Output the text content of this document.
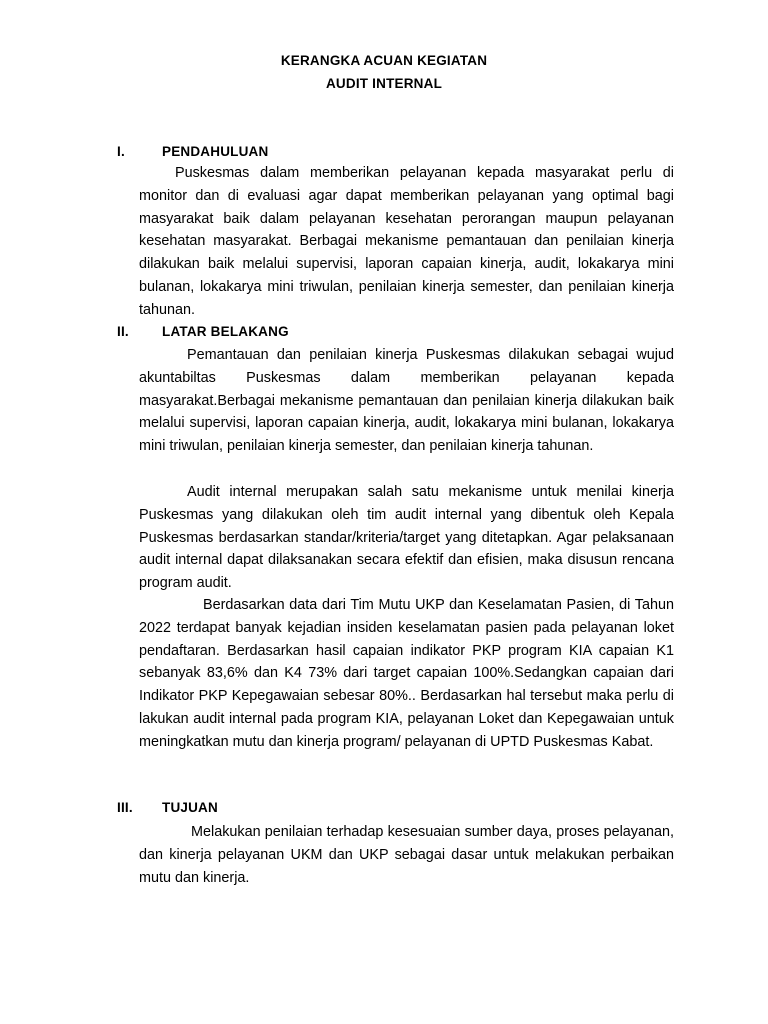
KERANGKA ACUAN KEGIATAN
AUDIT INTERNAL
I.	PENDAHULUAN

Puskesmas dalam memberikan pelayanan kepada masyarakat perlu di monitor dan di evaluasi agar dapat memberikan pelayanan yang optimal bagi masyarakat baik dalam pelayanan kesehatan perorangan maupun pelayanan kesehatan masyarakat. Berbagai mekanisme pemantauan dan penilaian kinerja dilakukan baik melalui supervisi, laporan capaian kinerja, audit, lokakarya mini bulanan, lokakarya mini triwulan, penilaian kinerja semester, dan penilaian kinerja tahunan.

II. LATAR BELAKANG

Pemantauan dan penilaian kinerja Puskesmas dilakukan sebagai wujud akuntabiltas Puskesmas dalam memberikan pelayanan kepada masyarakat.Berbagai mekanisme pemantauan dan penilaian kinerja dilakukan baik melalui supervisi, laporan capaian kinerja, audit, lokakarya mini bulanan, lokakarya mini triwulan, penilaian kinerja semester, dan penilaian kinerja tahunan.

Audit internal merupakan salah satu mekanisme untuk menilai kinerja Puskesmas yang dilakukan oleh tim audit internal yang dibentuk oleh Kepala Puskesmas berdasarkan standar/kriteria/target yang ditetapkan. Agar pelaksanaan audit internal dapat dilaksanakan secara efektif dan efisien, maka disusun rencana program audit.

Berdasarkan data dari Tim Mutu UKP dan Keselamatan Pasien, di Tahun 2022 terdapat banyak kejadian insiden keselamatan pasien pada pelayanan loket pendaftaran. Berdasarkan hasil capaian indikator PKP program KIA capaian K1 sebanyak 83,6% dan K4 73% dari target capaian 100%.Sedangkan capaian dari Indikator PKP Kepegawaian sebesar 80%.. Berdasarkan hal tersebut maka perlu di lakukan audit internal pada program KIA, pelayanan Loket dan Kepegawaian untuk meningkatkan mutu dan kinerja program/ pelayanan di UPTD Puskesmas Kabat.

III. TUJUAN

Melakukan penilaian terhadap kesesuaian sumber daya, proses pelayanan, dan kinerja pelayanan UKM dan UKP sebagai dasar untuk melakukan perbaikan mutu dan kinerja.
